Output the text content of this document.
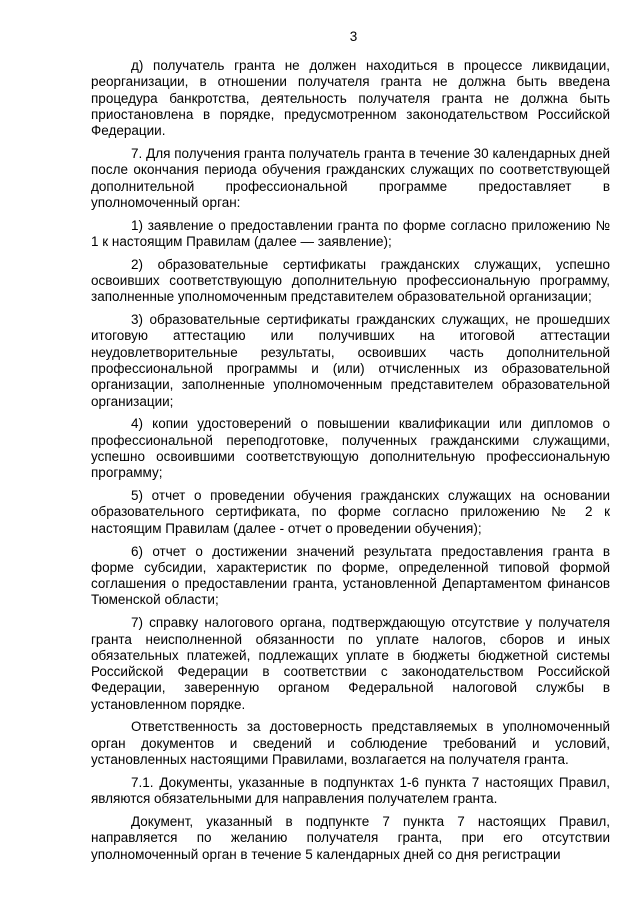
3

д) получатель гранта не должен находиться в процессе ликвидации, реорганизации, в отношении получателя гранта не должна быть введена процедура банкротства, деятельность получателя гранта не должна быть приостановлена в порядке, предусмотренном законодательством Российской Федерации.

7. Для получения гранта получатель гранта в течение 30 календарных дней после окончания периода обучения гражданских служащих по соответствующей дополнительной профессиональной программе предоставляет в уполномоченный орган:

1) заявление о предоставлении гранта по форме согласно приложению № 1 к настоящим Правилам (далее — заявление);

2) образовательные сертификаты гражданских служащих, успешно освоивших соответствующую дополнительную профессиональную программу, заполненные уполномоченным представителем образовательной организации;

3) образовательные сертификаты гражданских служащих, не прошедших итоговую аттестацию или получивших на итоговой аттестации неудовлетворительные результаты, освоивших часть дополнительной профессиональной программы и (или) отчисленных из образовательной организации, заполненные уполномоченным представителем образовательной организации;

4) копии удостоверений о повышении квалификации или дипломов о профессиональной переподготовке, полученных гражданскими служащими, успешно освоившими соответствующую дополнительную профессиональную программу;

5) отчет о проведении обучения гражданских служащих на основании образовательного сертификата, по форме согласно приложению № 2 к настоящим Правилам (далее - отчет о проведении обучения);

6) отчет о достижении значений результата предоставления гранта в форме субсидии, характеристик по форме, определенной типовой формой соглашения о предоставлении гранта, установленной Департаментом финансов Тюменской области;

7) справку налогового органа, подтверждающую отсутствие у получателя гранта неисполненной обязанности по уплате налогов, сборов и иных обязательных платежей, подлежащих уплате в бюджеты бюджетной системы Российской Федерации в соответствии с законодательством Российской Федерации, заверенную органом Федеральной налоговой службы в установленном порядке.

Ответственность за достоверность представляемых в уполномоченный орган документов и сведений и соблюдение требований и условий, установленных настоящими Правилами, возлагается на получателя гранта.

7.1. Документы, указанные в подпунктах 1-6 пункта 7 настоящих Правил, являются обязательными для направления получателем гранта.

Документ, указанный в подпункте 7 пункта 7 настоящих Правил, направляется по желанию получателя гранта, при его отсутствии уполномоченный орган в течение 5 календарных дней со дня регистрации
